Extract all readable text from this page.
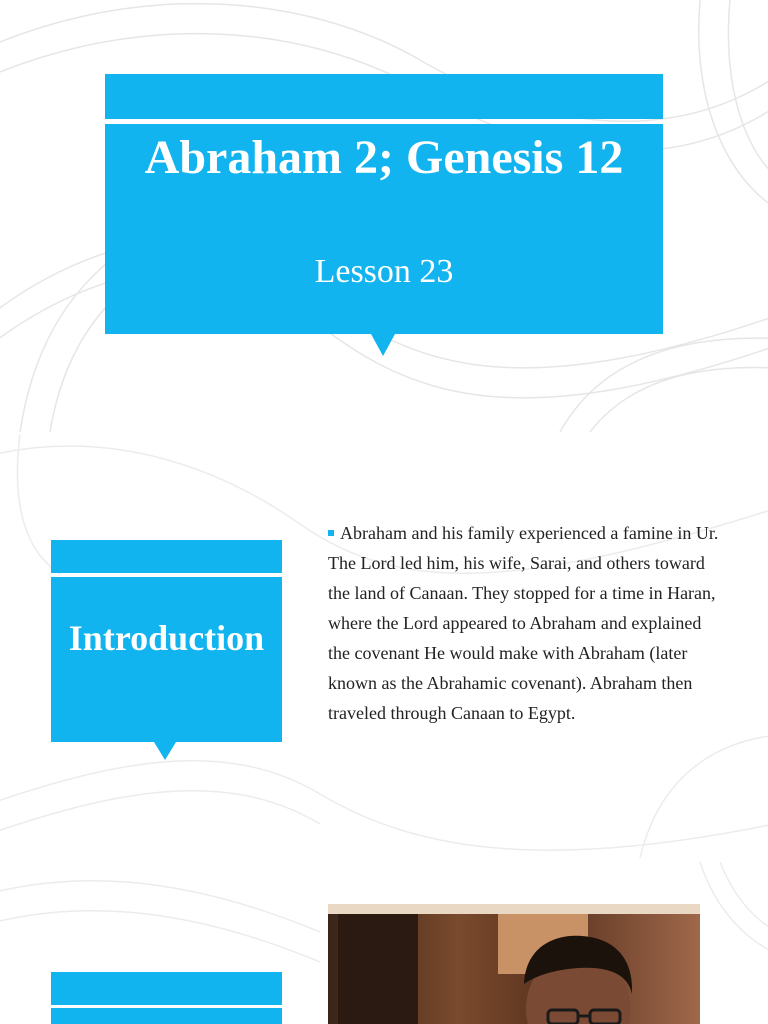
Abraham 2; Genesis 12
Lesson 23
Introduction
Abraham and his family experienced a famine in Ur. The Lord led him, his wife, Sarai, and others toward the land of Canaan. They stopped for a time in Haran, where the Lord appeared to Abraham and explained the covenant He would make with Abraham (later known as the Abrahamic covenant). Abraham then traveled through Canaan to Egypt.
